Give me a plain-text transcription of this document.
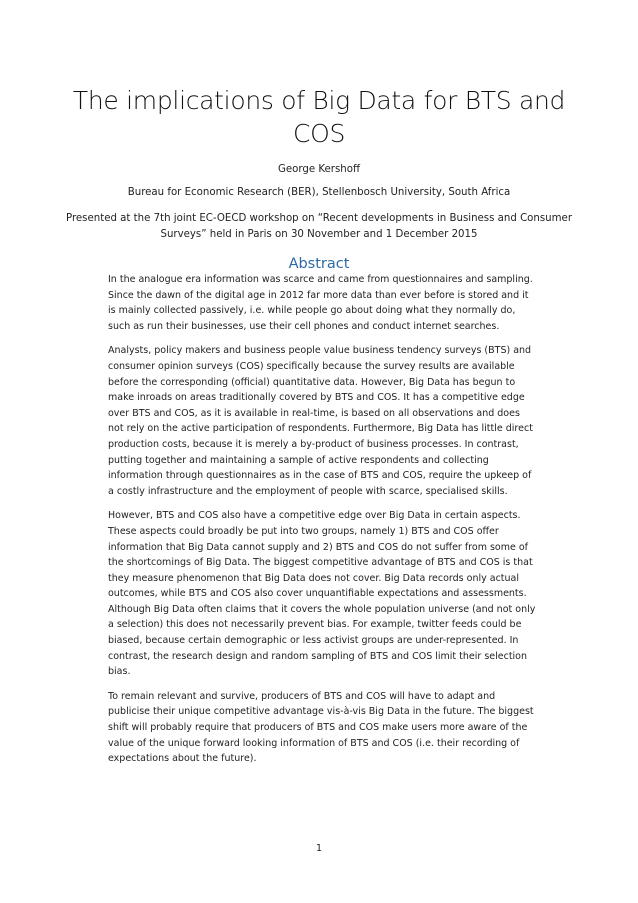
The implications of Big Data for BTS and COS
George Kershoff
Bureau for Economic Research (BER), Stellenbosch University, South Africa
Presented at the 7th joint EC-OECD workshop on “Recent developments in Business and Consumer Surveys” held in Paris on 30 November and 1 December 2015
Abstract

In the analogue era information was scarce and came from questionnaires and sampling. Since the dawn of the digital age in 2012 far more data than ever before is stored and it is mainly collected passively, i.e. while people go about doing what they normally do, such as run their businesses, use their cell phones and conduct internet searches.

Analysts, policy makers and business people value business tendency surveys (BTS) and consumer opinion surveys (COS) specifically because the survey results are available before the corresponding (official) quantitative data. However, Big Data has begun to make inroads on areas traditionally covered by BTS and COS. It has a competitive edge over BTS and COS, as it is available in real-time, is based on all observations and does not rely on the active participation of respondents. Furthermore, Big Data has little direct production costs, because it is merely a by-product of business processes. In contrast, putting together and maintaining a sample of active respondents and collecting information through questionnaires as in the case of BTS and COS, require the upkeep of a costly infrastructure and the employment of people with scarce, specialised skills.

However, BTS and COS also have a competitive edge over Big Data in certain aspects. These aspects could broadly be put into two groups, namely 1) BTS and COS offer information that Big Data cannot supply and 2) BTS and COS do not suffer from some of the shortcomings of Big Data. The biggest competitive advantage of BTS and COS is that they measure phenomenon that Big Data does not cover. Big Data records only actual outcomes, while BTS and COS also cover unquantifiable expectations and assessments. Although Big Data often claims that it covers the whole population universe (and not only a selection) this does not necessarily prevent bias. For example, twitter feeds could be biased, because certain demographic or less activist groups are under-represented. In contrast, the research design and random sampling of BTS and COS limit their selection bias.

To remain relevant and survive, producers of BTS and COS will have to adapt and publicise their unique competitive advantage vis-à-vis Big Data in the future. The biggest shift will probably require that producers of BTS and COS make users more aware of the value of the unique forward looking information of BTS and COS (i.e. their recording of expectations about the future).

1
